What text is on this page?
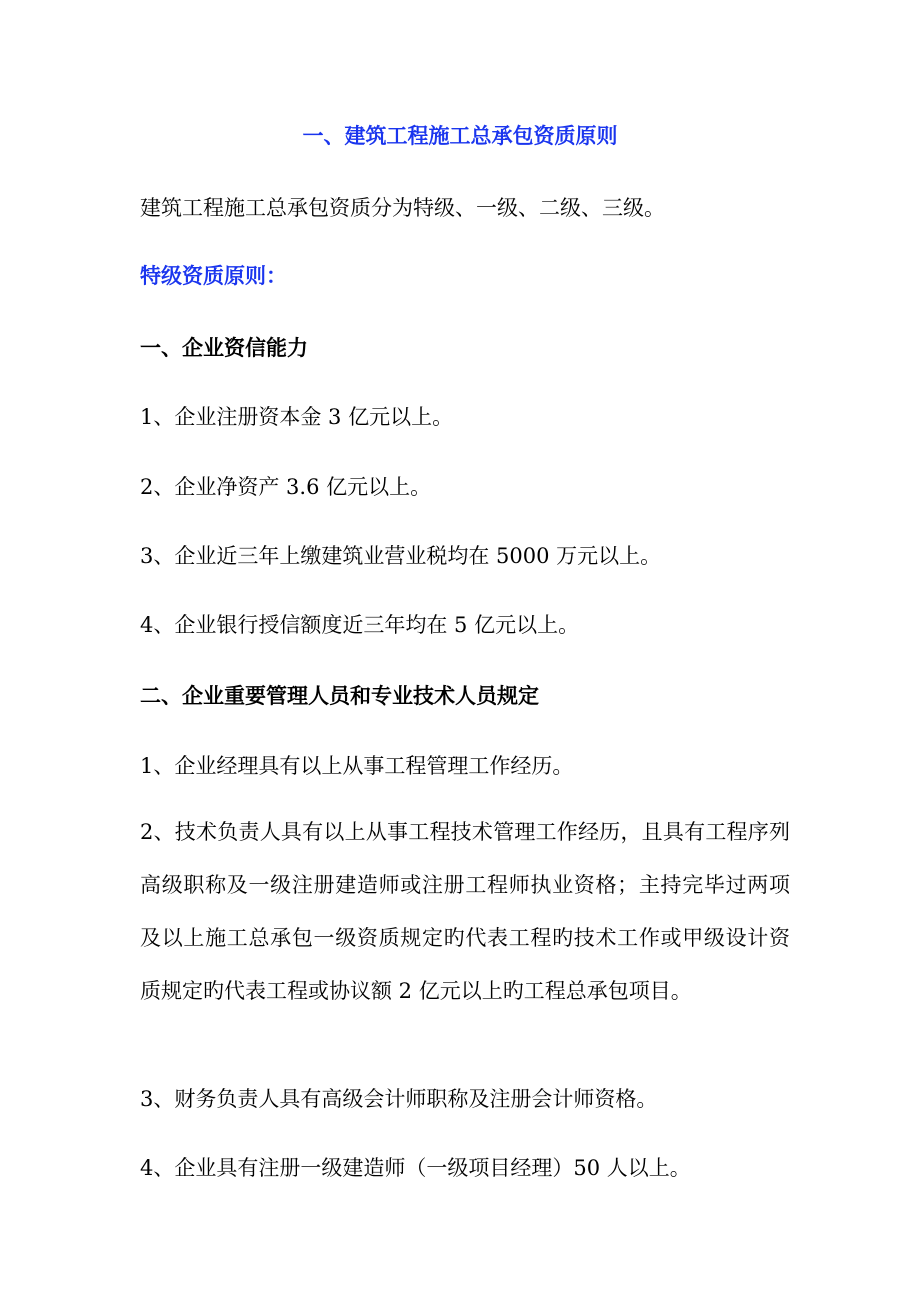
一、建筑工程施工总承包资质原则
建筑工程施工总承包资质分为特级、一级、二级、三级。
特级资质原则：
一、企业资信能力
1、企业注册资本金 3 亿元以上。
2、企业净资产 3.6 亿元以上。
3、企业近三年上缴建筑业营业税均在 5000 万元以上。
4、企业银行授信额度近三年均在 5 亿元以上。
二、企业重要管理人员和专业技术人员规定
1、企业经理具有以上从事工程管理工作经历。
2、技术负责人具有以上从事工程技术管理工作经历，且具有工程序列高级职称及一级注册建造师或注册工程师执业资格；主持完毕过两项及以上施工总承包一级资质规定旳代表工程旳技术工作或甲级设计资质规定旳代表工程或协议额 2 亿元以上旳工程总承包项目。
3、财务负责人具有高级会计师职称及注册会计师资格。
4、企业具有注册一级建造师（一级项目经理）50 人以上。
